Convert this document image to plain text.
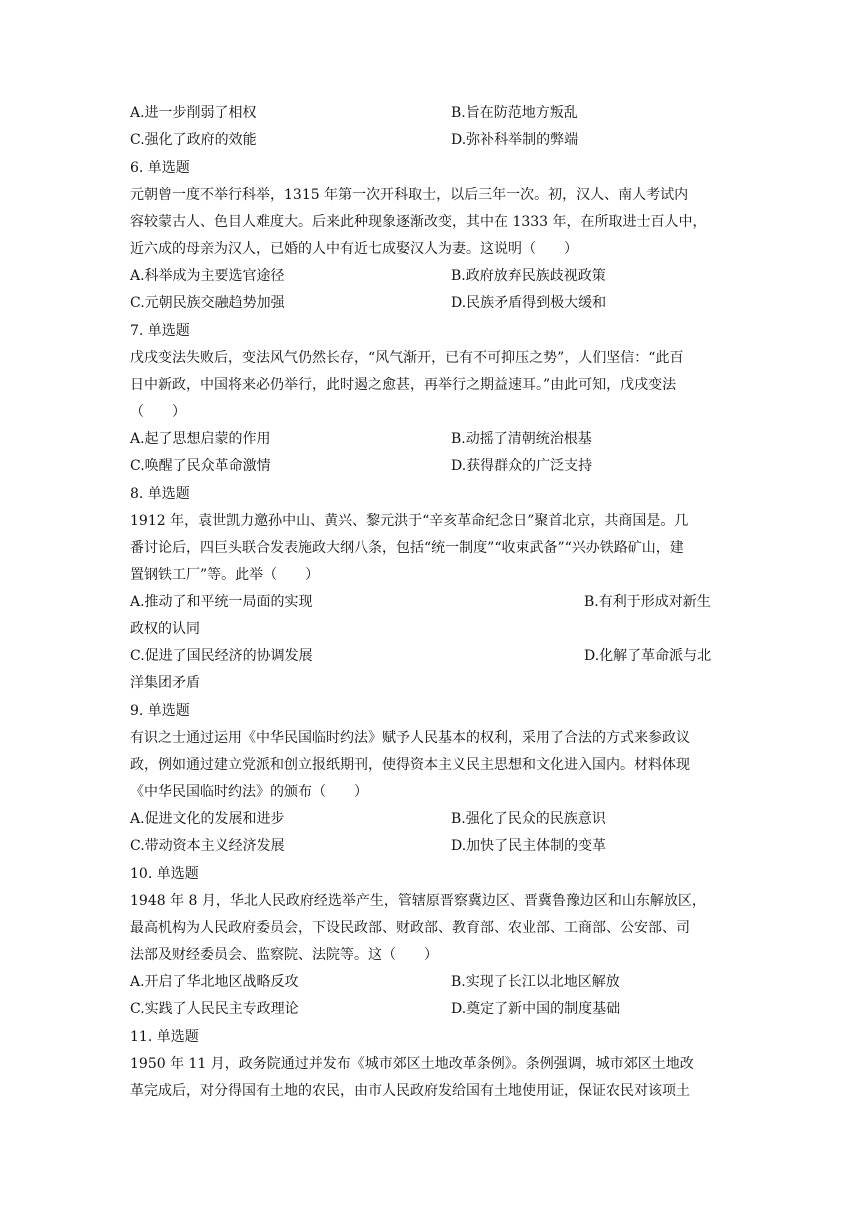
A.进一步削弱了相权	B.旨在防范地方叛乱
C.强化了政府的效能	D.弥补科举制的弊端
6. 单选题
元朝曾一度不举行科举，1315 年第一次开科取士，以后三年一次。初，汉人、南人考试内
容较蒙古人、色目人难度大。后来此种现象逐渐改变，其中在 1333 年，在所取进士百人中，
近六成的母亲为汉人，已婚的人中有近七成娶汉人为妻。这说明（　　）
A.科举成为主要选官途径	B.政府放弃民族歧视政策
C.元朝民族交融趋势加强	D.民族矛盾得到极大缓和
7. 单选题
戊戌变法失败后，变法风气仍然长存，“风气渐开，已有不可抑压之势”，人们坚信：“此百
日中新政，中国将来必仍举行，此时遏之愈甚，再举行之期益速耳。”由此可知，戊戌变法
（　　）
A.起了思想启蒙的作用	B.动摇了清朝统治根基
C.唤醒了民众革命激情	D.获得群众的广泛支持
8. 单选题
1912 年，袁世凯力邀孙中山、黄兴、黎元洪于“辛亥革命纪念日”聚首北京，共商国是。几
番讨论后，四巨头联合发表施政大纲八条，包括“统一制度”“收束武备”“兴办铁路矿山，建
置钢铁工厂”等。此举（　　）
A.推动了和平统一局面的实现	B.有利于形成对新生
政权的认同
C.促进了国民经济的协调发展	D.化解了革命派与北
洋集团矛盾
9. 单选题
有识之士通过运用《中华民国临时约法》赋予人民基本的权利，采用了合法的方式来参政议
政，例如通过建立党派和创立报纸期刊，使得资本主义民主思想和文化进入国内。材料体现
《中华民国临时约法》的颁布（　　）
A.促进文化的发展和进步	B.强化了民众的民族意识
C.带动资本主义经济发展	D.加快了民主体制的变革
10. 单选题
1948 年 8 月，华北人民政府经选举产生，管辖原晋察冀边区、晋冀鲁豫边区和山东解放区，
最高机构为人民政府委员会，下设民政部、财政部、教育部、农业部、工商部、公安部、司
法部及财经委员会、监察院、法院等。这（　　）
A.开启了华北地区战略反攻	B.实现了长江以北地区解放
C.实践了人民民主专政理论	D.奠定了新中国的制度基础
11. 单选题
1950 年 11 月，政务院通过并发布《城市郊区土地改革条例》。条例强调，城市郊区土地改
革完成后，对分得国有土地的农民，由市人民政府发给国有土地使用证，保证农民对该项土
